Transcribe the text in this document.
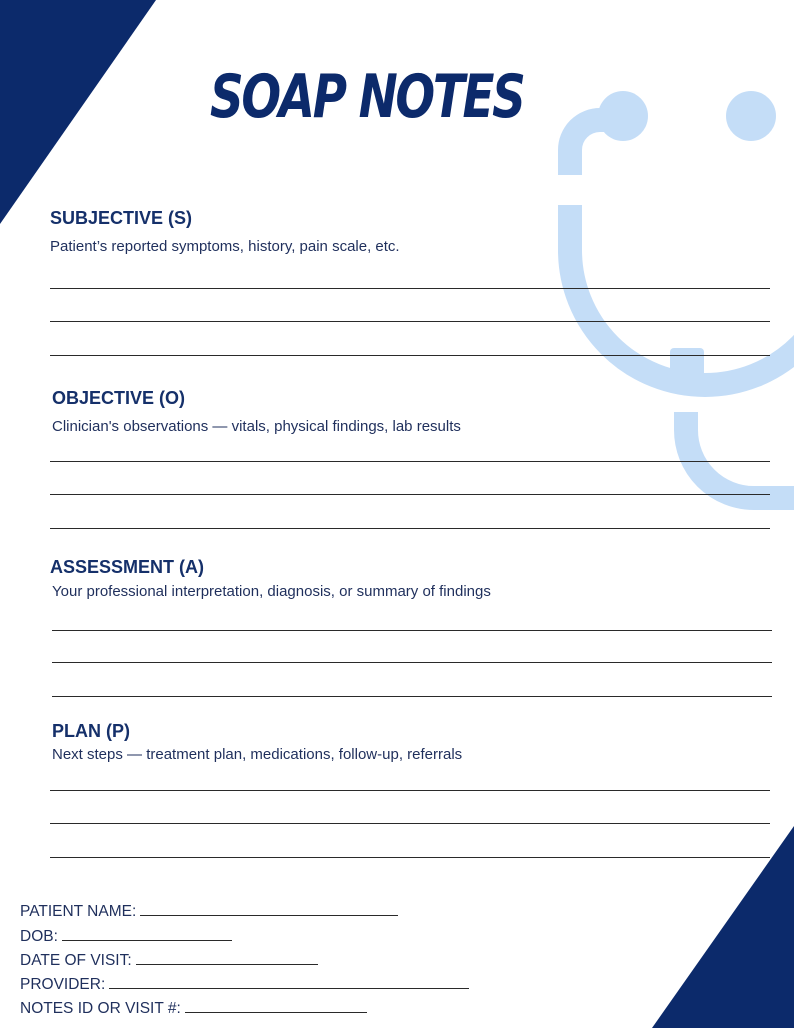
SOAP NOTES
SUBJECTIVE (S)
Patient’s reported symptoms, history, pain scale, etc.
OBJECTIVE (O)
Clinician's observations — vitals, physical findings, lab results
ASSESSMENT (A)
Your professional interpretation, diagnosis, or summary of findings
PLAN (P)
Next steps — treatment plan, medications, follow-up, referrals
PATIENT NAME:
DOB:
DATE OF VISIT:
PROVIDER:
NOTES ID OR VISIT #:
